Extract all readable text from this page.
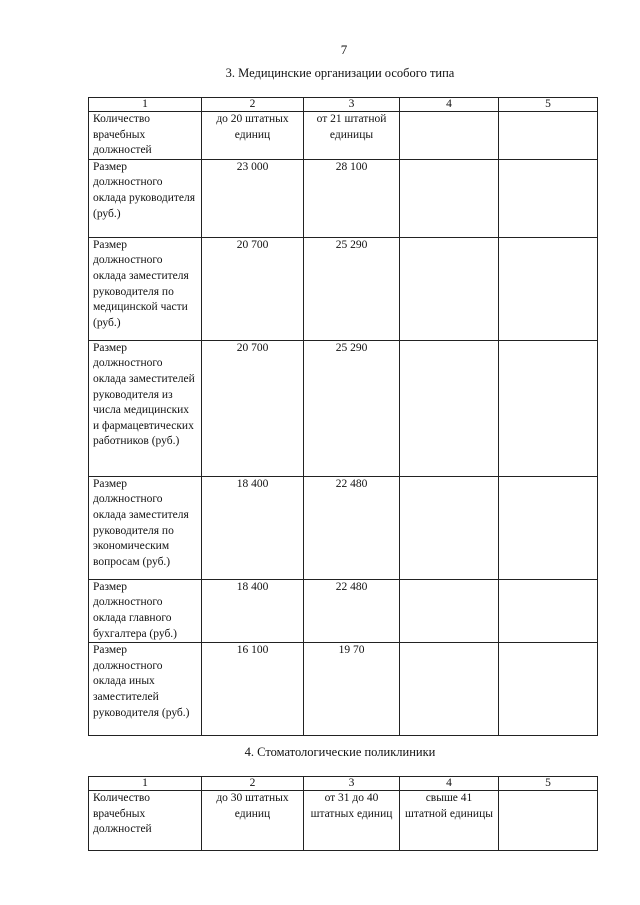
7
3. Медицинские организации особого типа
1	2	3	4	5
Количество врачебных должностей	до 20 штатных единиц	от 21 штатной единицы		
Размер должностного оклада руководителя (руб.)	23 000	28 100		
Размер должностного оклада заместителя руководителя по медицинской части (руб.)	20 700	25 290		
Размер должностного оклада заместителей руководителя из числа медицинских и фармацевтических работников (руб.)	20 700	25 290		
Размер должностного оклада заместителя руководителя по экономическим вопросам (руб.)	18 400	22 480		
Размер должностного оклада главного бухгалтера (руб.)	18 400	22 480		
Размер должностного оклада иных заместителей руководителя (руб.)	16 100	19 70		
4. Стоматологические поликлиники
1	2	3	4	5
Количество врачебных должностей	до 30 штатных единиц	от 31 до 40 штатных единиц	свыше 41 штатной единицы	
